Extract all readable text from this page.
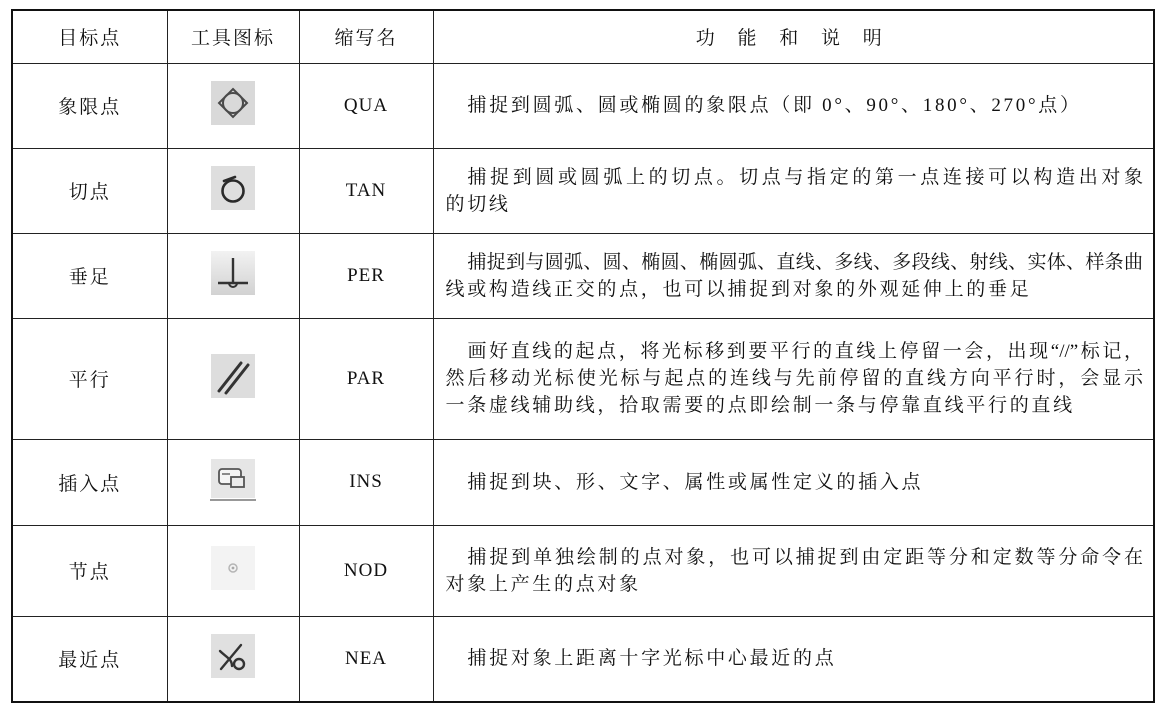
目标点	工具图标	缩写名	功 能 和 说 明
象限点		QUA	捕捉到圆弧、圆或椭圆的象限点（即 0°、90°、180°、270°点）

切点		TAN	捕捉到圆或圆弧上的切点。切点与指定的第一点连接可以构造出对象
的切线

垂足		PER	捕捉到与圆弧、圆、椭圆、椭圆弧、直线、多线、多段线、射线、实体、样条曲
线或构造线正交的点，也可以捕捉到对象的外观延伸上的垂足

平行		PAR	画好直线的起点，将光标移到要平行的直线上停留一会，出现“//”标记，
然后移动光标使光标与起点的连线与先前停留的直线方向平行时，会显示
一条虚线辅助线，拾取需要的点即绘制一条与停靠直线平行的直线

插入点		INS	捕捉到块、形、文字、属性或属性定义的插入点

节点		NOD	捕捉到单独绘制的点对象，也可以捕捉到由定距等分和定数等分命令在
对象上产生的点对象

最近点		NEA	捕捉对象上距离十字光标中心最近的点
